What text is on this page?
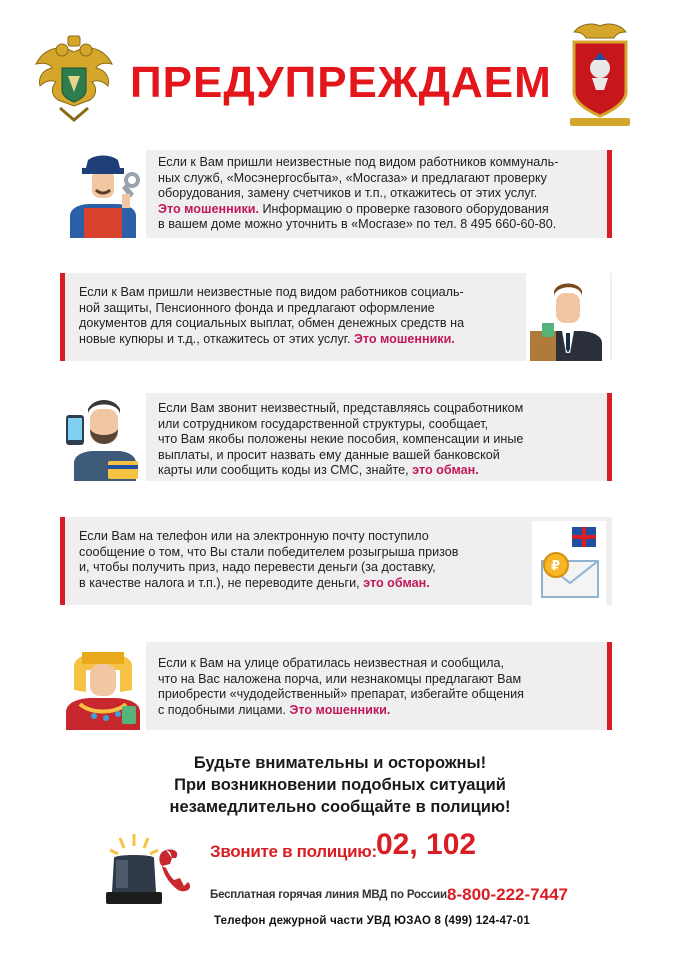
ПРЕДУПРЕЖДАЕМ
Если к Вам пришли неизвестные под видом работников коммуналь-
ных служб, «Мосэнергосбыта», «Мосгаза» и предлагают проверку
оборудования, замену счетчиков и т.п., откажитесь от этих услуг.
Это мошенники. Информацию о проверке газового оборудования
в вашем доме можно уточнить в «Мосгазе» по тел. 8 495 660-60-80.
Если к Вам пришли неизвестные под видом работников социаль-
ной защиты, Пенсионного фонда и предлагают оформление
документов для социальных выплат, обмен денежных средств на
новые купюры и т.д., откажитесь от этих услуг. Это мошенники.
Если Вам звонит неизвестный, представляясь соцработником
или сотрудником государственной структуры, сообщает,
что Вам якобы положены некие пособия, компенсации и иные
выплаты, и просит назвать ему данные вашей банковской
карты или сообщить коды из СМС, знайте, это обман.
Если Вам на телефон или на электронную почту поступило
сообщение о том, что Вы стали победителем розыгрыша призов
и, чтобы получить приз, надо перевести деньги (за доставку,
в качестве налога и т.п.), не переводите деньги, это обман.
₽
Если к Вам на улице обратилась неизвестная и сообщила,
что на Вас наложена порча, или незнакомцы предлагают Вам
приобрести «чудодейственный» препарат, избегайте общения
с подобными лицами. Это мошенники.
Будьте внимательны и осторожны!
При возникновении подобных ситуаций
незамедлительно сообщайте в полицию!
Звоните в полицию: 02, 102
Бесплатная горячая линия МВД по России:
8-800-222-7447
Телефон дежурной части УВД ЮЗАО 8 (499) 124-47-01
